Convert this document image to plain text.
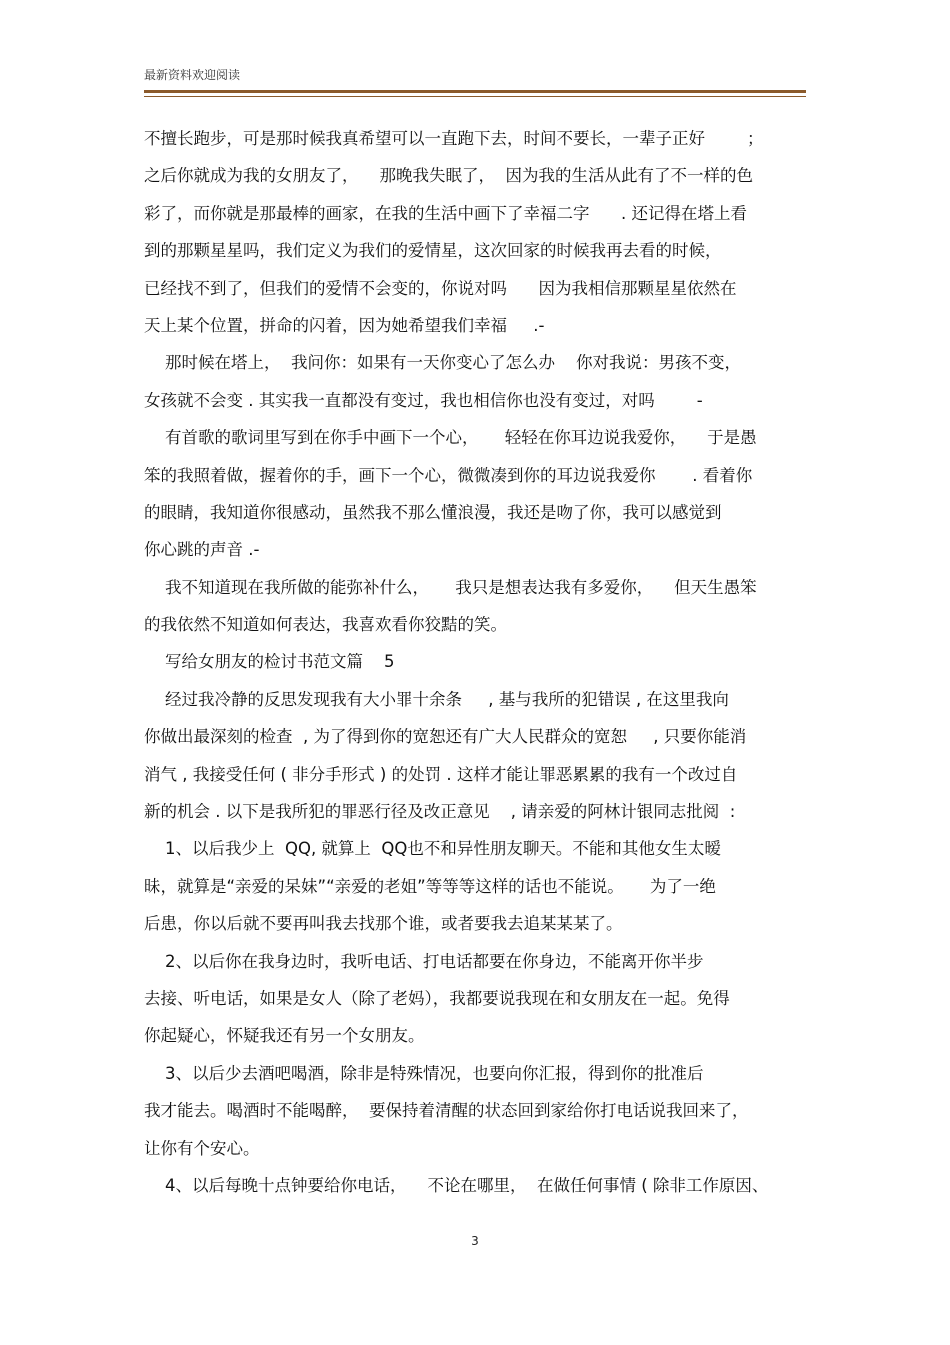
最新资料欢迎阅读
不擅长跑步，可是那时候我真希望可以一直跑下去，时间不要长，一辈子正好        ；
之后你就成为我的女朋友了，    那晚我失眠了，  因为我的生活从此有了不一样的色
彩了，而你就是那最棒的画家，在我的生活中画下了幸福二字      . 还记得在塔上看
到的那颗星星吗，我们定义为我们的爱情星，这次回家的时候我再去看的时候，
已经找不到了，但我们的爱情不会变的，你说对吗      因为我相信那颗星星依然在
天上某个位置，拼命的闪着，因为她希望我们幸福     .-
那时候在塔上，  我问你：如果有一天你变心了怎么办    你对我说：男孩不变，
女孩就不会变 . 其实我一直都没有变过，我也相信你也没有变过，对吗        -
有首歌的歌词里写到在你手中画下一个心，     轻轻在你耳边说我爱你，    于是愚
笨的我照着做，握着你的手，画下一个心，微微凑到你的耳边说我爱你       . 看着你
的眼睛，我知道你很感动，虽然我不那么懂浪漫，我还是吻了你，我可以感觉到
你心跳的声音 .-
我不知道现在我所做的能弥补什么，     我只是想表达我有多爱你，    但天生愚笨
的我依然不知道如何表达，我喜欢看你狡黠的笑。
写给女朋友的检讨书范文篇    5
经过我冷静的反思发现我有大小罪十余条     , 基与我所的犯错误 , 在这里我向
你做出最深刻的检查  , 为了得到你的宽恕还有广大人民群众的宽恕     , 只要你能消
消气 , 我接受任何 ( 非分手形式 ) 的处罚 . 这样才能让罪恶累累的我有一个改过自
新的机会 . 以下是我所犯的罪恶行径及改正意见    , 请亲爱的阿林计银同志批阅  :
1、以后我少上  QQ, 就算上  QQ也不和异性朋友聊天。不能和其他女生太暧
昧，就算是“亲爱的呆妹”“亲爱的老姐”等等等这样的话也不能说。     为了一绝
后患，你以后就不要再叫我去找那个谁，或者要我去追某某某了。
2、以后你在我身边时，我听电话、打电话都要在你身边，不能离开你半步
去接、听电话，如果是女人（除了老妈），我都要说我现在和女朋友在一起。免得
你起疑心，怀疑我还有另一个女朋友。
3、以后少去酒吧喝酒，除非是特殊情况，也要向你汇报，得到你的批准后
我才能去。喝酒时不能喝醉，  要保持着清醒的状态回到家给你打电话说我回来了，
让你有个安心。
4、以后每晚十点钟要给你电话，    不论在哪里，  在做任何事情 ( 除非工作原因、
3
